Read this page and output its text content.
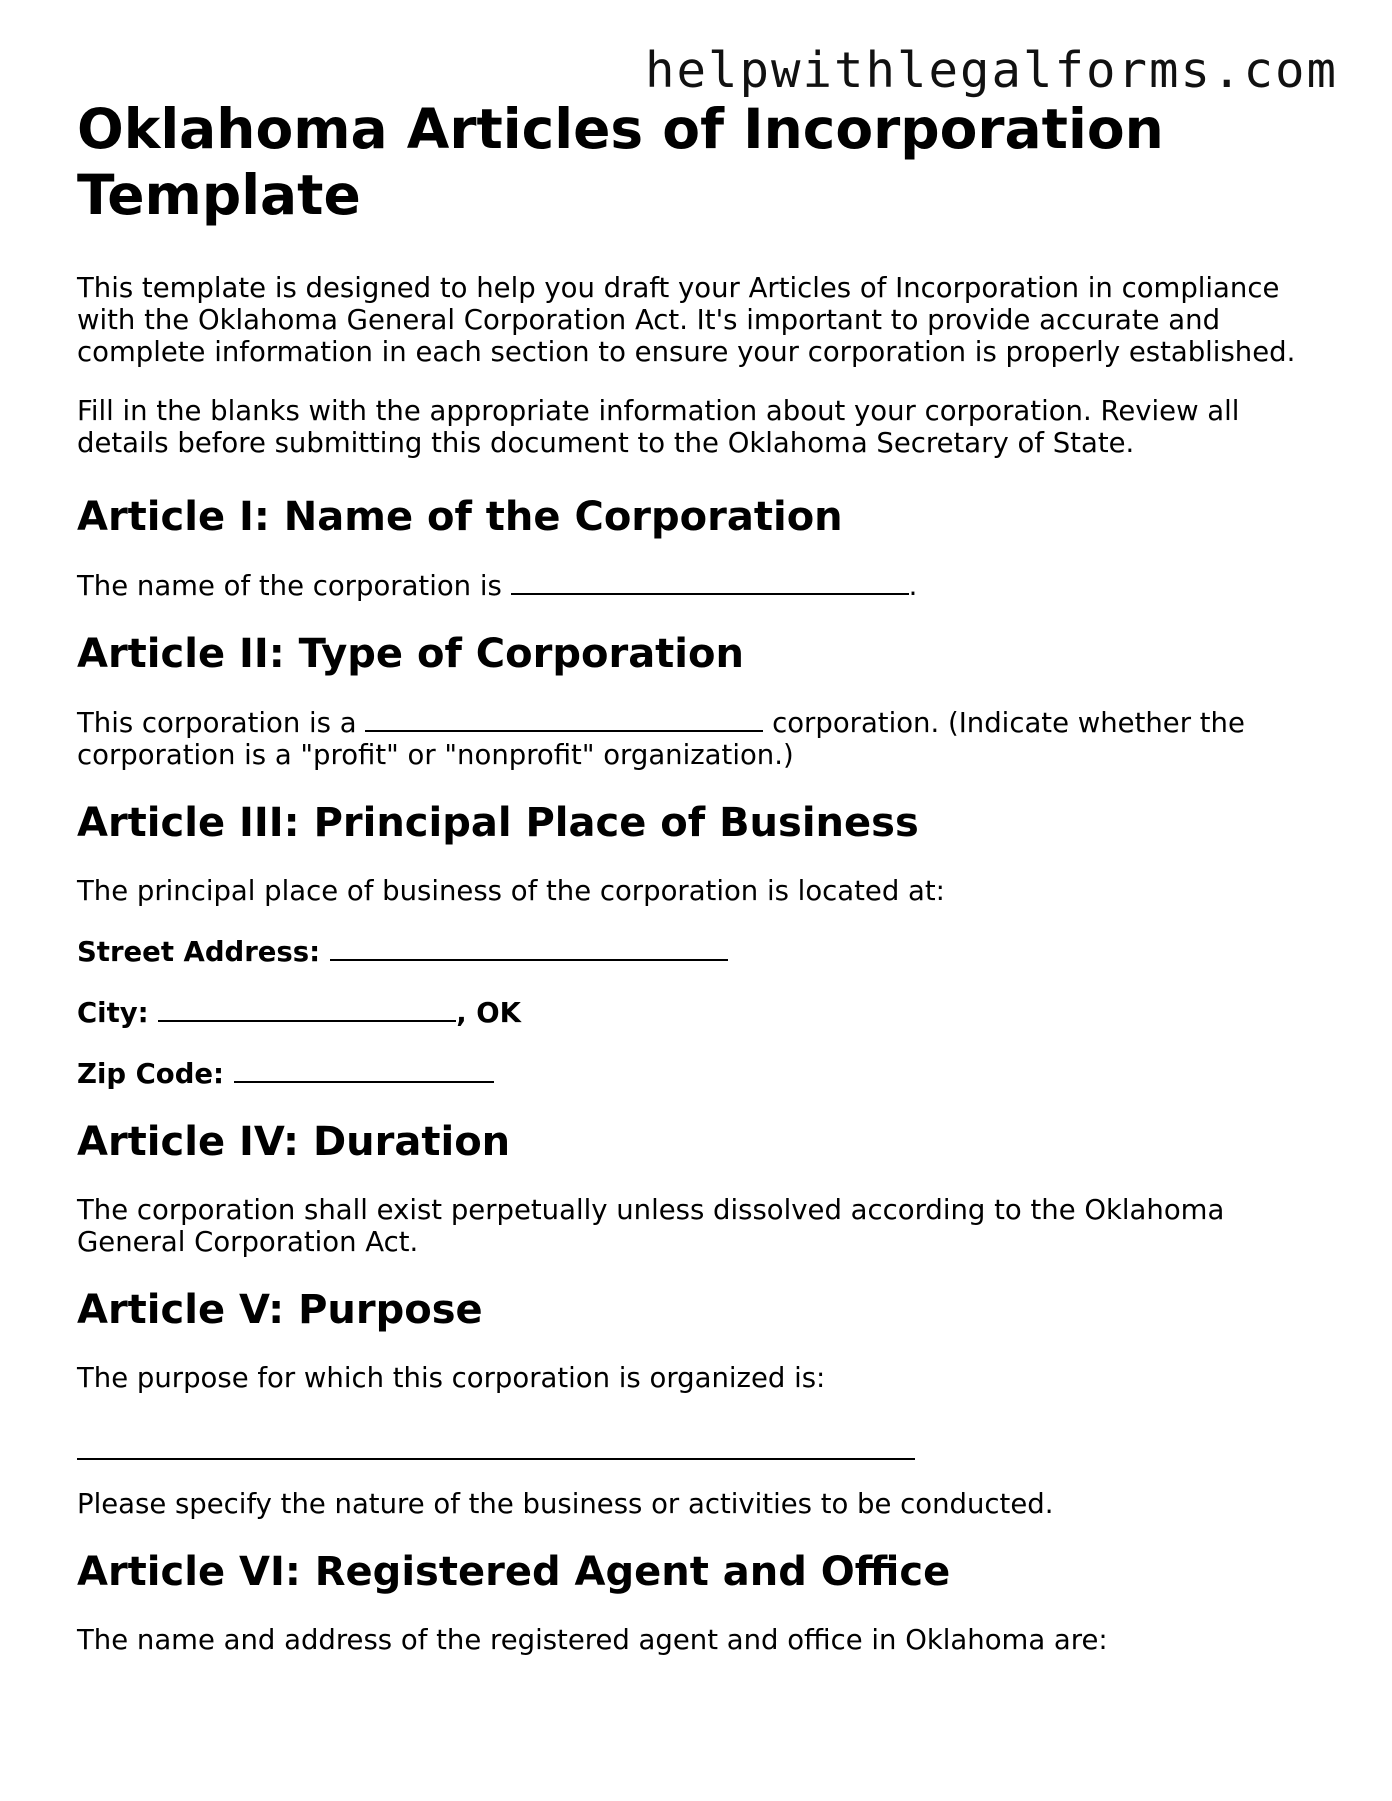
helpwithlegalforms.com
Oklahoma Articles of Incorporation Template

This template is designed to help you draft your Articles of Incorporation in compliance with the Oklahoma General Corporation Act. It's important to provide accurate and complete information in each section to ensure your corporation is properly established.

Fill in the blanks with the appropriate information about your corporation. Review all details before submitting this document to the Oklahoma Secretary of State.

Article I: Name of the Corporation

The name of the corporation is	.

Article II: Type of Corporation

This corporation is a	corporation. (Indicate whether the corporation is a "profit" or "nonprofit" organization.)

Article III: Principal Place of Business

The principal place of business of the corporation is located at:

Street Address:

City:	, OK

Zip Code:

Article IV: Duration

The corporation shall exist perpetually unless dissolved according to the Oklahoma General Corporation Act.

Article V: Purpose

The purpose for which this corporation is organized is:

Please specify the nature of the business or activities to be conducted.

Article VI: Registered Agent and Office

The name and address of the registered agent and office in Oklahoma are:
